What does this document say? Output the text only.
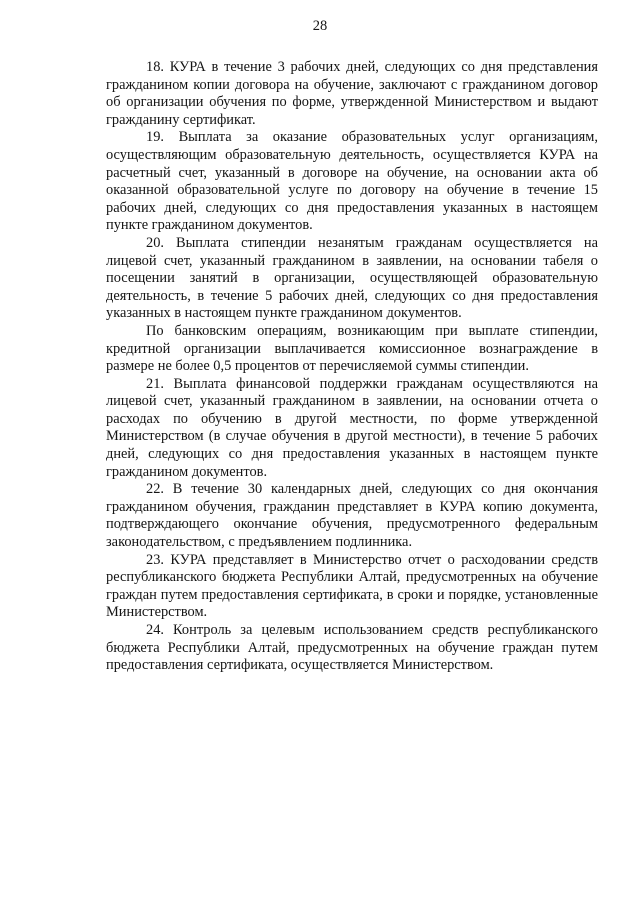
28

18. КУРА в течение 3 рабочих дней, следующих со дня представления гражданином копии договора на обучение, заключают с гражданином договор об организации обучения по форме, утвержденной Министерством и выдают гражданину сертификат.

19. Выплата за оказание образовательных услуг организациям, осуществляющим образовательную деятельность, осуществляется КУРА на расчетный счет, указанный в договоре на обучение, на основании акта об оказанной образовательной услуге по договору на обучение в течение 15 рабочих дней, следующих со дня предоставления указанных в настоящем пункте гражданином документов.

20. Выплата стипендии незанятым гражданам осуществляется на лицевой счет, указанный гражданином в заявлении, на основании табеля о посещении занятий в организации, осуществляющей образовательную деятельность, в течение 5 рабочих дней, следующих со дня предоставления указанных в настоящем пункте гражданином документов.

По банковским операциям, возникающим при выплате стипендии, кредитной организации выплачивается комиссионное вознаграждение в размере не более 0,5 процентов от перечисляемой суммы стипендии.

21. Выплата финансовой поддержки гражданам осуществляются на лицевой счет, указанный гражданином в заявлении, на основании отчета о расходах по обучению в другой местности, по форме утвержденной Министерством (в случае обучения в другой местности), в течение 5 рабочих дней, следующих со дня предоставления указанных в настоящем пункте гражданином документов.

22. В течение 30 календарных дней, следующих со дня окончания гражданином обучения, гражданин представляет в КУРА копию документа, подтверждающего окончание обучения, предусмотренного федеральным законодательством, с предъявлением подлинника.

23. КУРА представляет в Министерство отчет о расходовании средств республиканского бюджета Республики Алтай, предусмотренных на обучение граждан путем предоставления сертификата, в сроки и порядке, установленные Министерством.

24. Контроль за целевым использованием средств республиканского бюджета Республики Алтай, предусмотренных на обучение граждан путем предоставления сертификата, осуществляется Министерством.
